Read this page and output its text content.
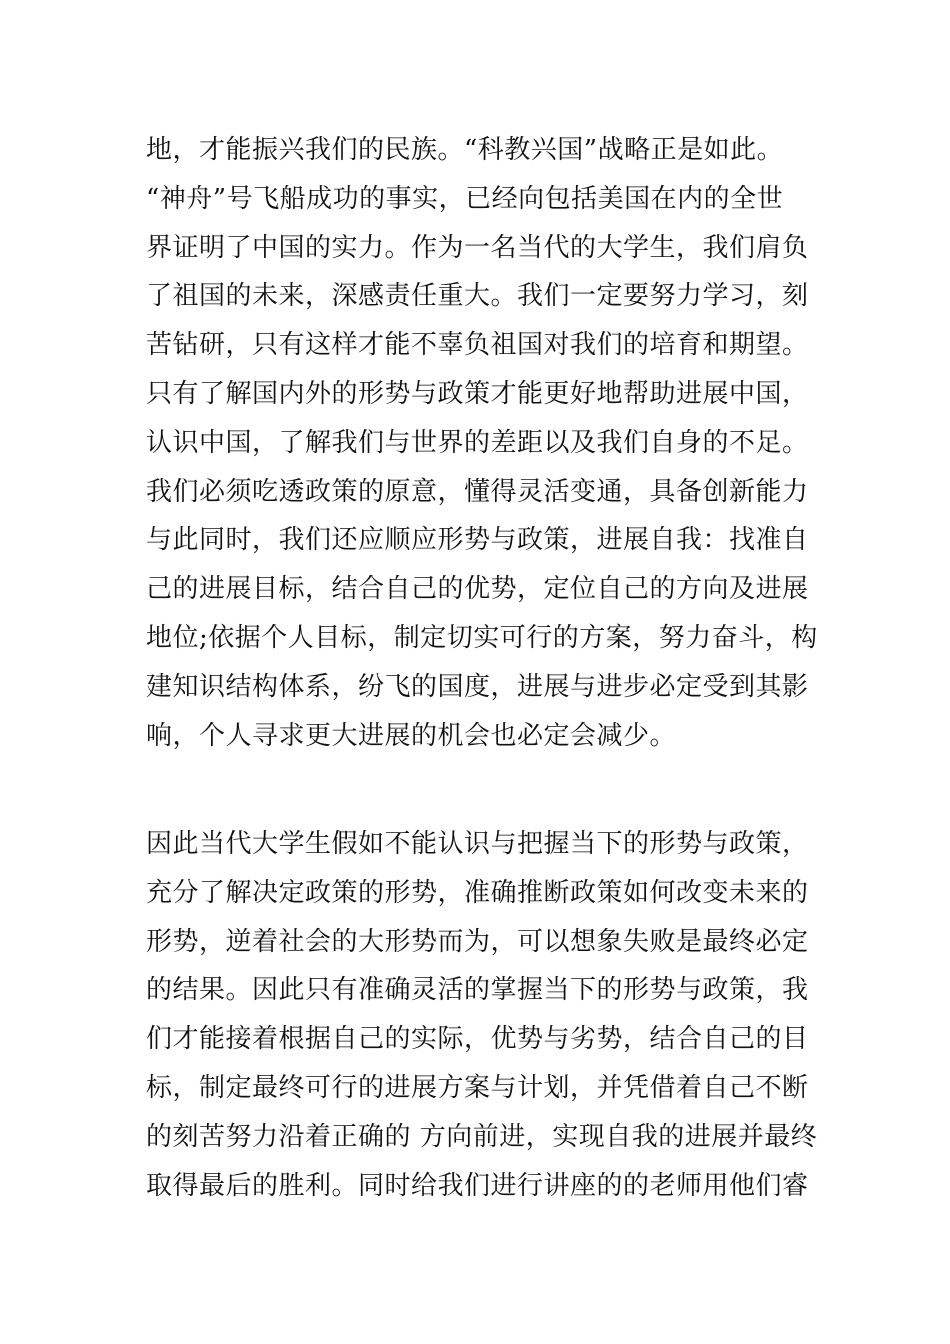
地，才能振兴我们的民族。“科教兴国”战略正是如此。
“神舟”号飞船成功的事实，已经向包括美国在内的全世
界证明了中国的实力。作为一名当代的大学生，我们肩负
了祖国的未来，深感责任重大。我们一定要努力学习，刻
苦钻研，只有这样才能不辜负祖国对我们的培育和期望。
只有了解国内外的形势与政策才能更好地帮助进展中国，
认识中国，了解我们与世界的差距以及我们自身的不足。
我们必须吃透政策的原意，懂得灵活变通，具备创新能力
与此同时，我们还应顺应形势与政策，进展自我：找准自
己的进展目标，结合自己的优势，定位自己的方向及进展
地位;依据个人目标，制定切实可行的方案，努力奋斗，构
建知识结构体系，纷飞的国度，进展与进步必定受到其影
响，个人寻求更大进展的机会也必定会减少。
因此当代大学生假如不能认识与把握当下的形势与政策，
充分了解决定政策的形势，准确推断政策如何改变未来的
形势，逆着社会的大形势而为，可以想象失败是最终必定
的结果。因此只有准确灵活的掌握当下的形势与政策，我
们才能接着根据自己的实际，优势与劣势，结合自己的目
标，制定最终可行的进展方案与计划，并凭借着自己不断
的刻苦努力沿着正确的 方向前进，实现自我的进展并最终
取得最后的胜利。同时给我们进行讲座的的老师用他们睿
